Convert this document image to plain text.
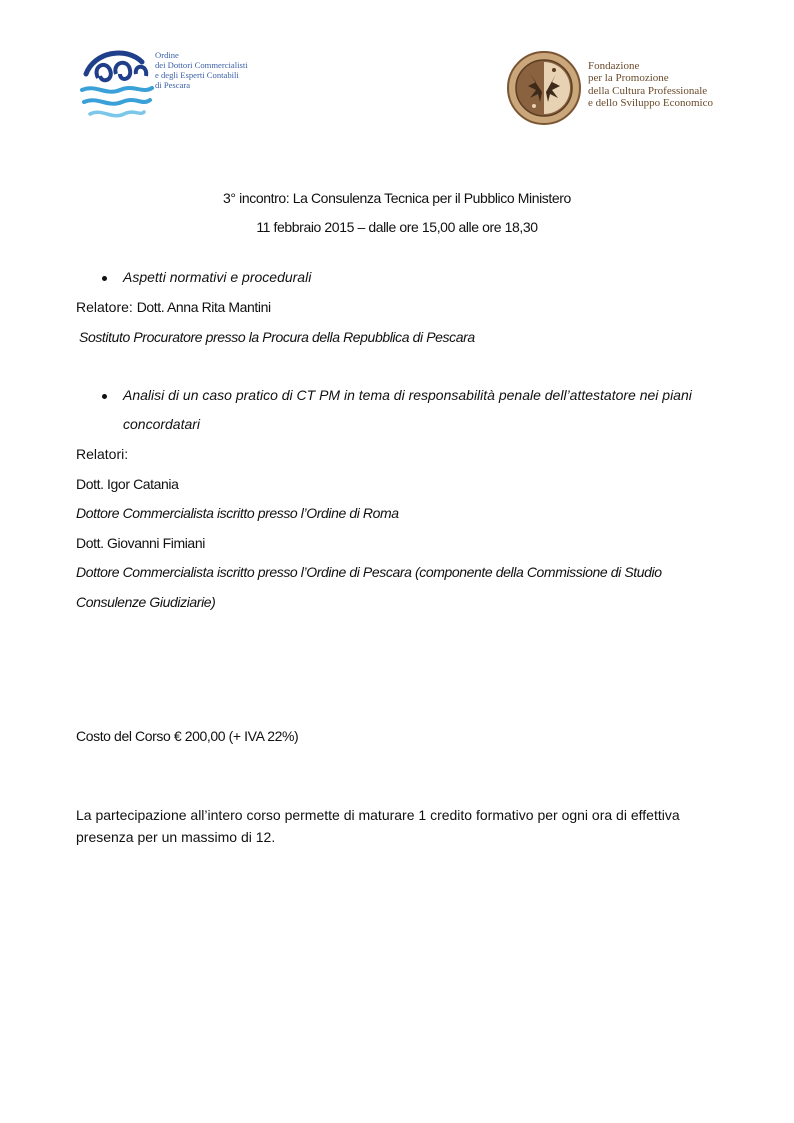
Ordine
dei Dottori Commercialisti
e degli Esperti Contabili
di Pescara
Fondazione
per la Promozione
della Cultura Professionale
e dello Sviluppo Economico
3° incontro: La Consulenza Tecnica per il Pubblico Ministero
11 febbraio 2015 – dalle ore 15,00 alle ore 18,30
Aspetti normativi e procedurali
Relatore: Dott. Anna Rita Mantini
Sostituto Procuratore presso la Procura della Repubblica di Pescara
Analisi di un caso pratico di CT PM in tema di responsabilità penale dell’attestatore nei piani
concordatari
Relatori:
Dott. Igor Catania
Dottore Commercialista iscritto presso l’Ordine di Roma
Dott. Giovanni Fimiani
Dottore Commercialista iscritto presso l’Ordine di Pescara (componente della Commissione di Studio
Consulenze Giudiziarie)
Costo del Corso € 200,00 (+ IVA 22%)
La partecipazione all’intero corso permette di maturare 1 credito formativo per ogni ora di effettiva presenza per un massimo di 12.
